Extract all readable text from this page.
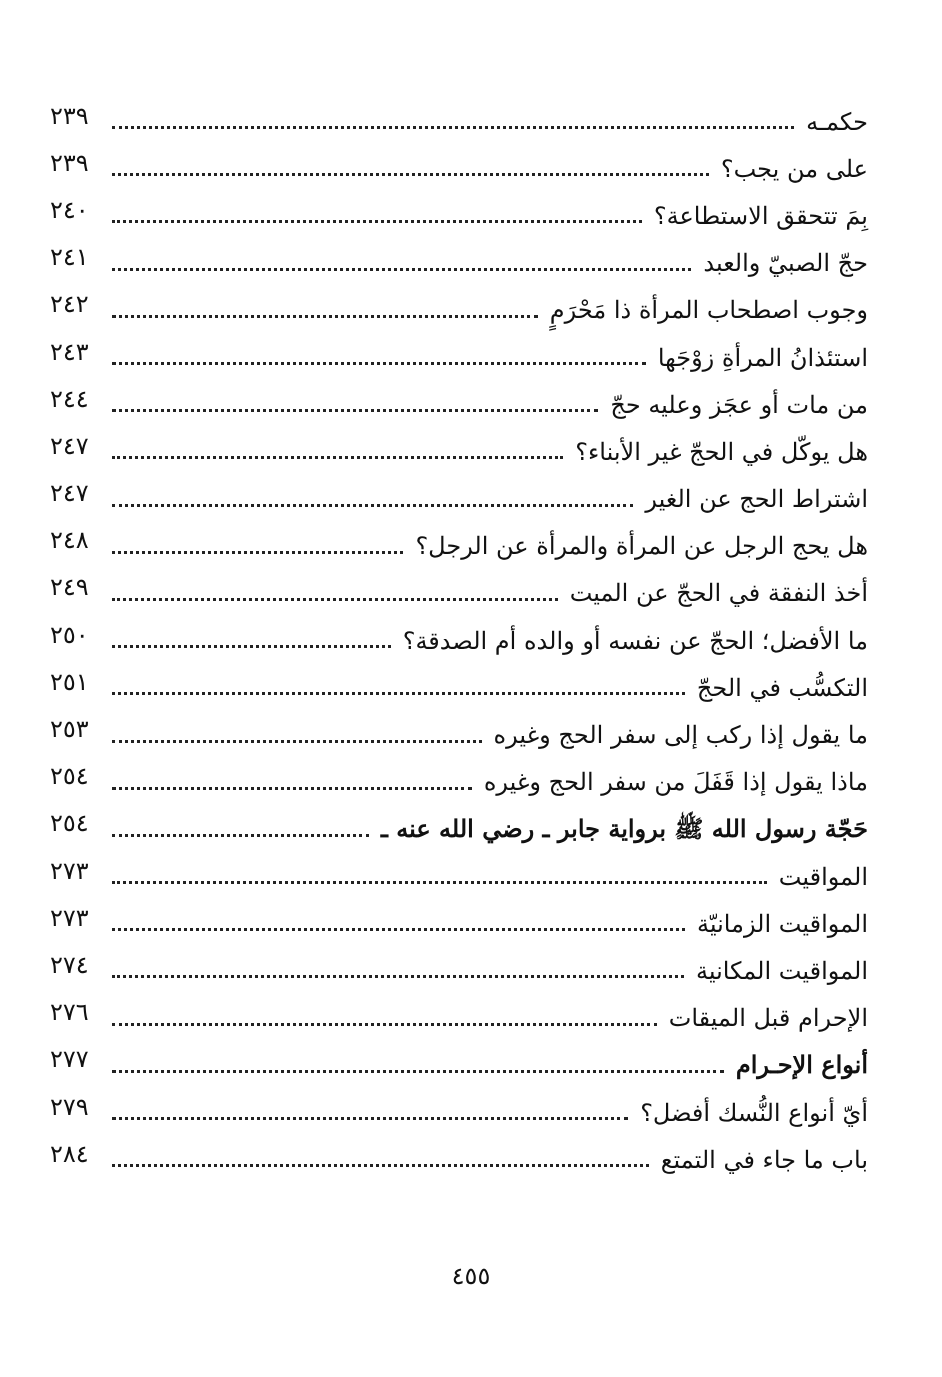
حكمـه
٢٣٩
على من يجب؟
٢٣٩
بِمَ تتحقق الاستطاعة؟
٢٤٠
حجّ الصبيّ والعبد
٢٤١
وجوب اصطحاب المرأة ذا مَحْرَمٍ
٢٤٢
استئذانُ المرأةِ زوْجَها
٢٤٣
من مات أو عجَز وعليه حجّ
٢٤٤
هل يوكّل في الحجّ غير الأبناء؟
٢٤٧
اشتراط الحج عن الغير
٢٤٧
هل يحج الرجل عن المرأة والمرأة عن الرجل؟
٢٤٨
أخذ النفقة في الحجّ عن الميت
٢٤٩
ما الأفضل؛ الحجّ عن نفسه أو والده أم الصدقة؟
٢٥٠
التكسُّب في الحجّ
٢٥١
ما يقول إذا ركب إلى سفر الحج وغيره
٢٥٣
ماذا يقول إذا قَفَلَ من سفر الحج وغيره
٢٥٤
حَجّة رسول الله ﷺ برواية جابر ـ رضي الله عنه ـ
٢٥٤
المواقيت
٢٧٣
المواقيت الزمانيّة
٢٧٣
المواقيت المكانية
٢٧٤
الإحرام قبل الميقات
٢٧٦
أنواع الإحـرام
٢٧٧
أيّ أنواع النُّسك أفضل؟
٢٧٩
باب ما جاء في التمتع
٢٨٤
٤٥٥
